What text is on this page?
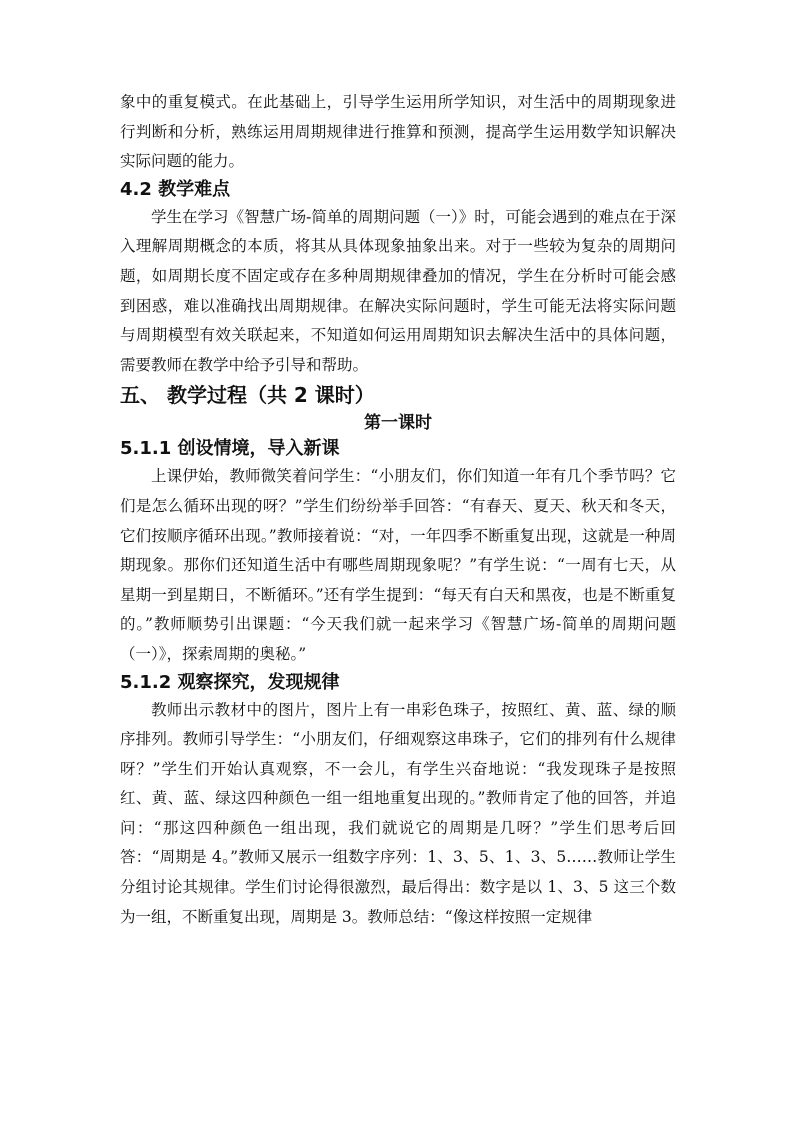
象中的重复模式。在此基础上，引导学生运用所学知识，对生活中的周期现象进行判断和分析，熟练运用周期规律进行推算和预测，提高学生运用数学知识解决实际问题的能力。

4.2 教学难点

学生在学习《智慧广场-简单的周期问题（一）》时，可能会遇到的难点在于深入理解周期概念的本质，将其从具体现象抽象出来。对于一些较为复杂的周期问题，如周期长度不固定或存在多种周期规律叠加的情况，学生在分析时可能会感到困惑，难以准确找出周期规律。在解决实际问题时，学生可能无法将实际问题与周期模型有效关联起来，不知道如何运用周期知识去解决生活中的具体问题，需要教师在教学中给予引导和帮助。

五、 教学过程（共 2 课时）
第一课时
5.1.1 创设情境，导入新课

上课伊始，教师微笑着问学生：“小朋友们，你们知道一年有几个季节吗？它们是怎么循环出现的呀？”学生们纷纷举手回答：“有春天、夏天、秋天和冬天，它们按顺序循环出现。”教师接着说：“对，一年四季不断重复出现，这就是一种周期现象。那你们还知道生活中有哪些周期现象呢？”有学生说：“一周有七天，从星期一到星期日，不断循环。”还有学生提到：“每天有白天和黑夜，也是不断重复的。”教师顺势引出课题：“今天我们就一起来学习《智慧广场-简单的周期问题（一）》，探索周期的奥秘。”

5.1.2 观察探究，发现规律

教师出示教材中的图片，图片上有一串彩色珠子，按照红、黄、蓝、绿的顺序排列。教师引导学生：“小朋友们，仔细观察这串珠子，它们的排列有什么规律呀？”学生们开始认真观察，不一会儿，有学生兴奋地说：“我发现珠子是按照红、黄、蓝、绿这四种颜色一组一组地重复出现的。”教师肯定了他的回答，并追问：“那这四种颜色一组出现，我们就说它的周期是几呀？”学生们思考后回答：“周期是 4。”教师又展示一组数字序列：1、3、5、1、3、5……教师让学生分组讨论其规律。学生们讨论得很激烈，最后得出：数字是以 1、3、5 这三个数为一组，不断重复出现，周期是 3。教师总结：“像这样按照一定规律
